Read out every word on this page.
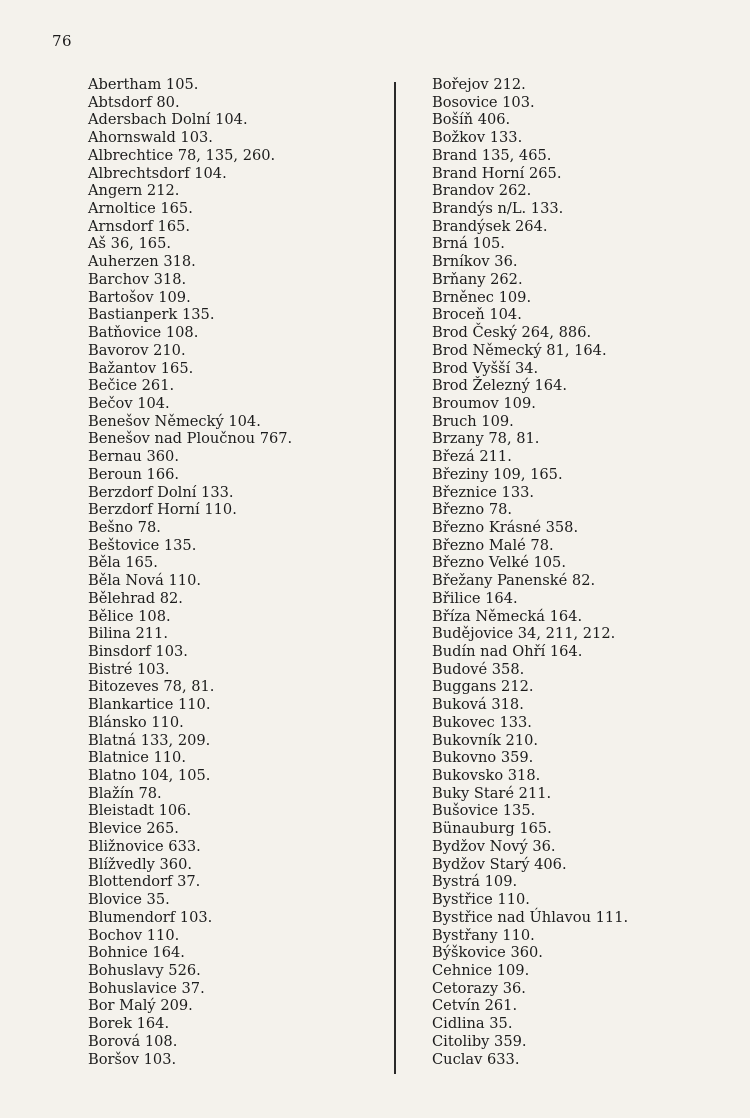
76
Abertham 105.
Abtsdorf 80.
Adersbach Dolní 104.
Ahornswald 103.
Albrechtice 78, 135, 260.
Albrechtsdorf 104.
Angern 212.
Arnoltice 165.
Arnsdorf 165.
Aš 36, 165.
Auherzen 318.
Barchov 318.
Bartošov 109.
Bastianperk 135.
Batňovice 108.
Bavorov 210.
Bažantov 165.
Bečice 261.
Bečov 104.
Benešov Německý 104.
Benešov nad Ploučnou 767.
Bernau 360.
Beroun 166.
Berzdorf Dolní 133.
Berzdorf Horní 110.
Bešno 78.
Beštovice 135.
Běla 165.
Běla Nová 110.
Bělehrad 82.
Bělice 108.
Bilina 211.
Binsdorf 103.
Bistré 103.
Bitozeves 78, 81.
Blankartice 110.
Blánsko 110.
Blatná 133, 209.
Blatnice 110.
Blatno 104, 105.
Blažín 78.
Bleistadt 106.
Blevice 265.
Bližnovice 633.
Blížvedly 360.
Blottendorf 37.
Blovice 35.
Blumendorf 103.
Bochov 110.
Bohnice 164.
Bohuslavy 526.
Bohuslavice 37.
Bor Malý 209.
Borek 164.
Borová 108.
Boršov 103.
Bořejov 212.
Bosovice 103.
Bošíň 406.
Božkov 133.
Brand 135, 465.
Brand Horní 265.
Brandov 262.
Brandýs n/L. 133.
Brandýsek 264.
Brná 105.
Brníkov 36.
Brňany 262.
Brněnec 109.
Broceň 104.
Brod Český 264, 886.
Brod Německý 81, 164.
Brod Vyšší 34.
Brod Železný 164.
Broumov 109.
Bruch 109.
Brzany 78, 81.
Březá 211.
Březiny 109, 165.
Březnice 133.
Březno 78.
Březno Krásné 358.
Březno Malé 78.
Březno Velké 105.
Břežany Panenské 82.
Břilice 164.
Bříza Německá 164.
Budějovice 34, 211, 212.
Budín nad Ohří 164.
Budové 358.
Buggans 212.
Buková 318.
Bukovec 133.
Bukovník 210.
Bukovno 359.
Bukovsko 318.
Buky Staré 211.
Bušovice 135.
Bünauburg 165.
Bydžov Nový 36.
Bydžov Starý 406.
Bystrá 109.
Bystřice 110.
Bystřice nad Úhlavou 111.
Bystřany 110.
Býškovice 360.
Cehnice 109.
Cetorazy 36.
Cetvín 261.
Cidlina 35.
Citoliby 359.
Cuclav 633.
